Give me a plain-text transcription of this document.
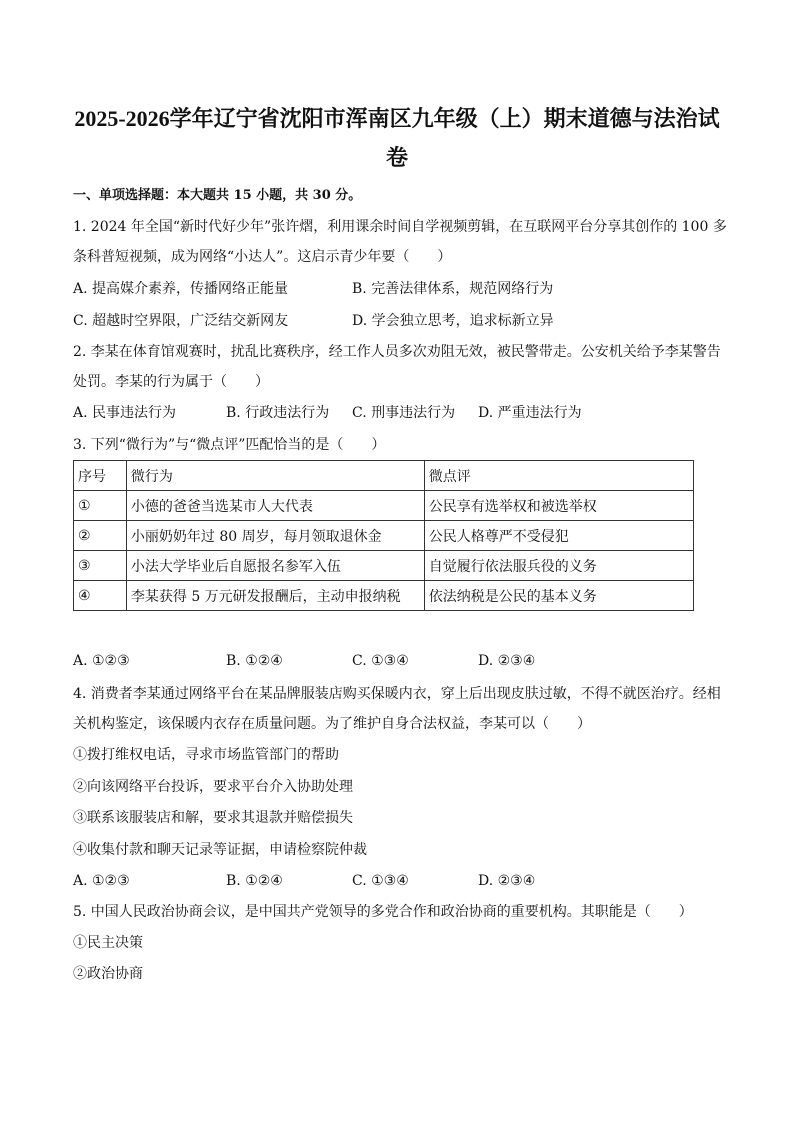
2025-2026学年辽宁省沈阳市浑南区九年级（上）期末道德与法治试
卷
一、单项选择题：本大题共 15 小题，共 30 分。
1. 2024 年全国“新时代好少年”张许熠，利用课余时间自学视频剪辑，在互联网平台分享其创作的 100 多
条科普短视频，成为网络“小达人”。这启示青少年要（　　）
A. 提高媒介素养，传播网络正能量	B. 完善法律体系，规范网络行为
C. 超越时空界限，广泛结交新网友	D. 学会独立思考，追求标新立异
2. 李某在体育馆观赛时，扰乱比赛秩序，经工作人员多次劝阻无效，被民警带走。公安机关给予李某警告
处罚。李某的行为属于（　　）
A. 民事违法行为	B. 行政违法行为 C. 刑事违法行为 D. 严重违法行为
3. 下列“微行为”与“微点评”匹配恰当的是（　　）
序号	微行为	微点评
①	小德的爸爸当选某市人大代表	公民享有选举权和被选举权
②	小丽奶奶年过 80 周岁，每月领取退休金	公民人格尊严不受侵犯
③	小法大学毕业后自愿报名参军入伍	自觉履行依法服兵役的义务
④	李某获得 5 万元研发报酬后，主动申报纳税	依法纳税是公民的基本义务
A. ①②③	B. ①②④	C. ①③④	D. ②③④
4. 消费者李某通过网络平台在某品牌服装店购买保暖内衣，穿上后出现皮肤过敏，不得不就医治疗。经相
关机构鉴定，该保暖内衣存在质量问题。为了维护自身合法权益，李某可以（　　）
①拨打维权电话，寻求市场监管部门的帮助
②向该网络平台投诉，要求平台介入协助处理
③联系该服装店和解，要求其退款并赔偿损失
④收集付款和聊天记录等证据，申请检察院仲裁
A. ①②③	B. ①②④	C. ①③④	D. ②③④
5. 中国人民政治协商会议，是中国共产党领导的多党合作和政治协商的重要机构。其职能是（　　）
①民主决策
②政治协商
